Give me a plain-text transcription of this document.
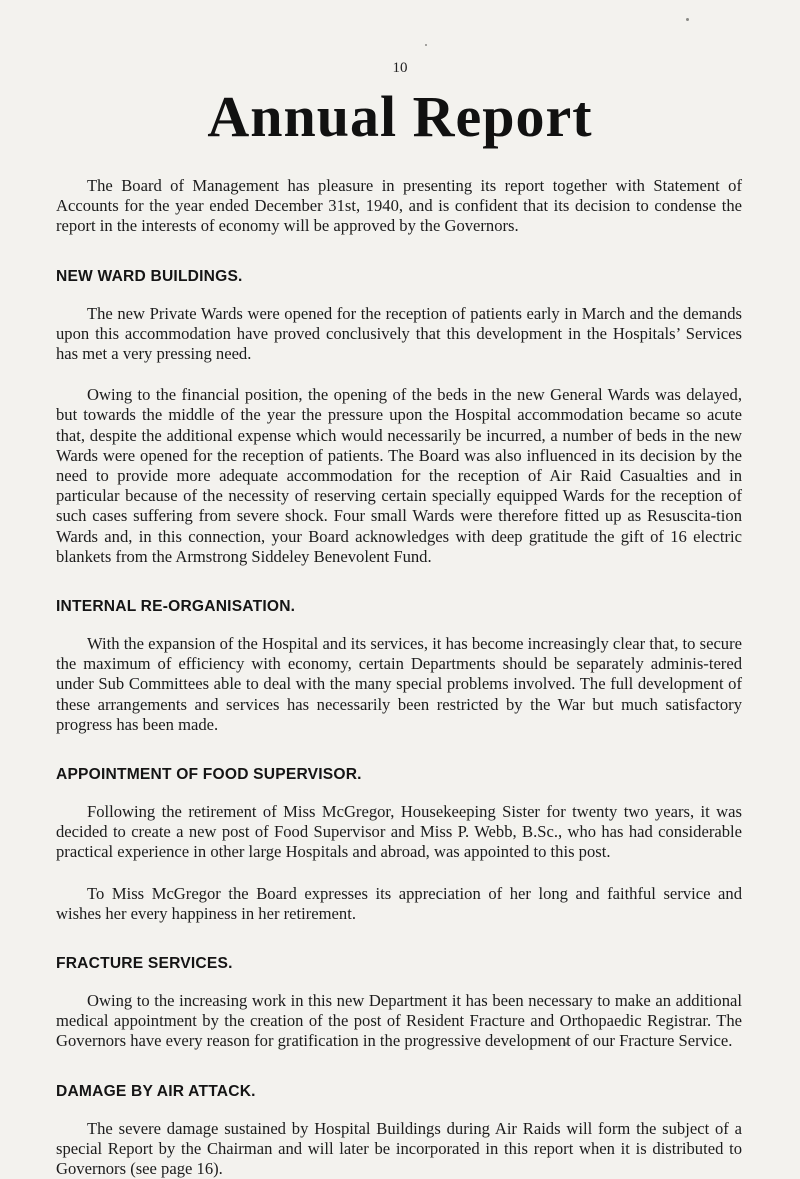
10
Annual Report

The Board of Management has pleasure in presenting its report together with Statement of Accounts for the year ended December 31st, 1940, and is confident that its decision to condense the report in the interests of economy will be approved by the Governors.

NEW WARD BUILDINGS.

The new Private Wards were opened for the reception of patients early in March and the demands upon this accommodation have proved conclusively that this development in the Hospitals’ Services has met a very pressing need.

Owing to the financial position, the opening of the beds in the new General Wards was delayed, but towards the middle of the year the pressure upon the Hospital accommodation became so acute that, despite the additional expense which would necessarily be incurred, a number of beds in the new Wards were opened for the reception of patients. The Board was also influenced in its decision by the need to provide more adequate accommodation for the reception of Air Raid Casualties and in particular because of the necessity of reserving certain specially equipped Wards for the reception of such cases suffering from severe shock. Four small Wards were therefore fitted up as Resuscita-tion Wards and, in this connection, your Board acknowledges with deep gratitude the gift of 16 electric blankets from the Armstrong Siddeley Benevolent Fund.

INTERNAL RE-ORGANISATION.

With the expansion of the Hospital and its services, it has become increasingly clear that, to secure the maximum of efficiency with economy, certain Departments should be separately adminis-tered under Sub Committees able to deal with the many special problems involved. The full development of these arrangements and services has necessarily been restricted by the War but much satisfactory progress has been made.

APPOINTMENT OF FOOD SUPERVISOR.

Following the retirement of Miss McGregor, Housekeeping Sister for twenty two years, it was decided to create a new post of Food Supervisor and Miss P. Webb, B.Sc., who has had considerable practical experience in other large Hospitals and abroad, was appointed to this post.

To Miss McGregor the Board expresses its appreciation of her long and faithful service and wishes her every happiness in her retirement.

FRACTURE SERVICES.

Owing to the increasing work in this new Department it has been necessary to make an additional medical appointment by the creation of the post of Resident Fracture and Orthopaedic Registrar. The Governors have every reason for gratification in the progressive development of our Fracture Service.

DAMAGE BY AIR ATTACK.

The severe damage sustained by Hospital Buildings during Air Raids will form the subject of a special Report by the Chairman and will later be incorporated in this report when it is distributed to Governors (see page 16).
